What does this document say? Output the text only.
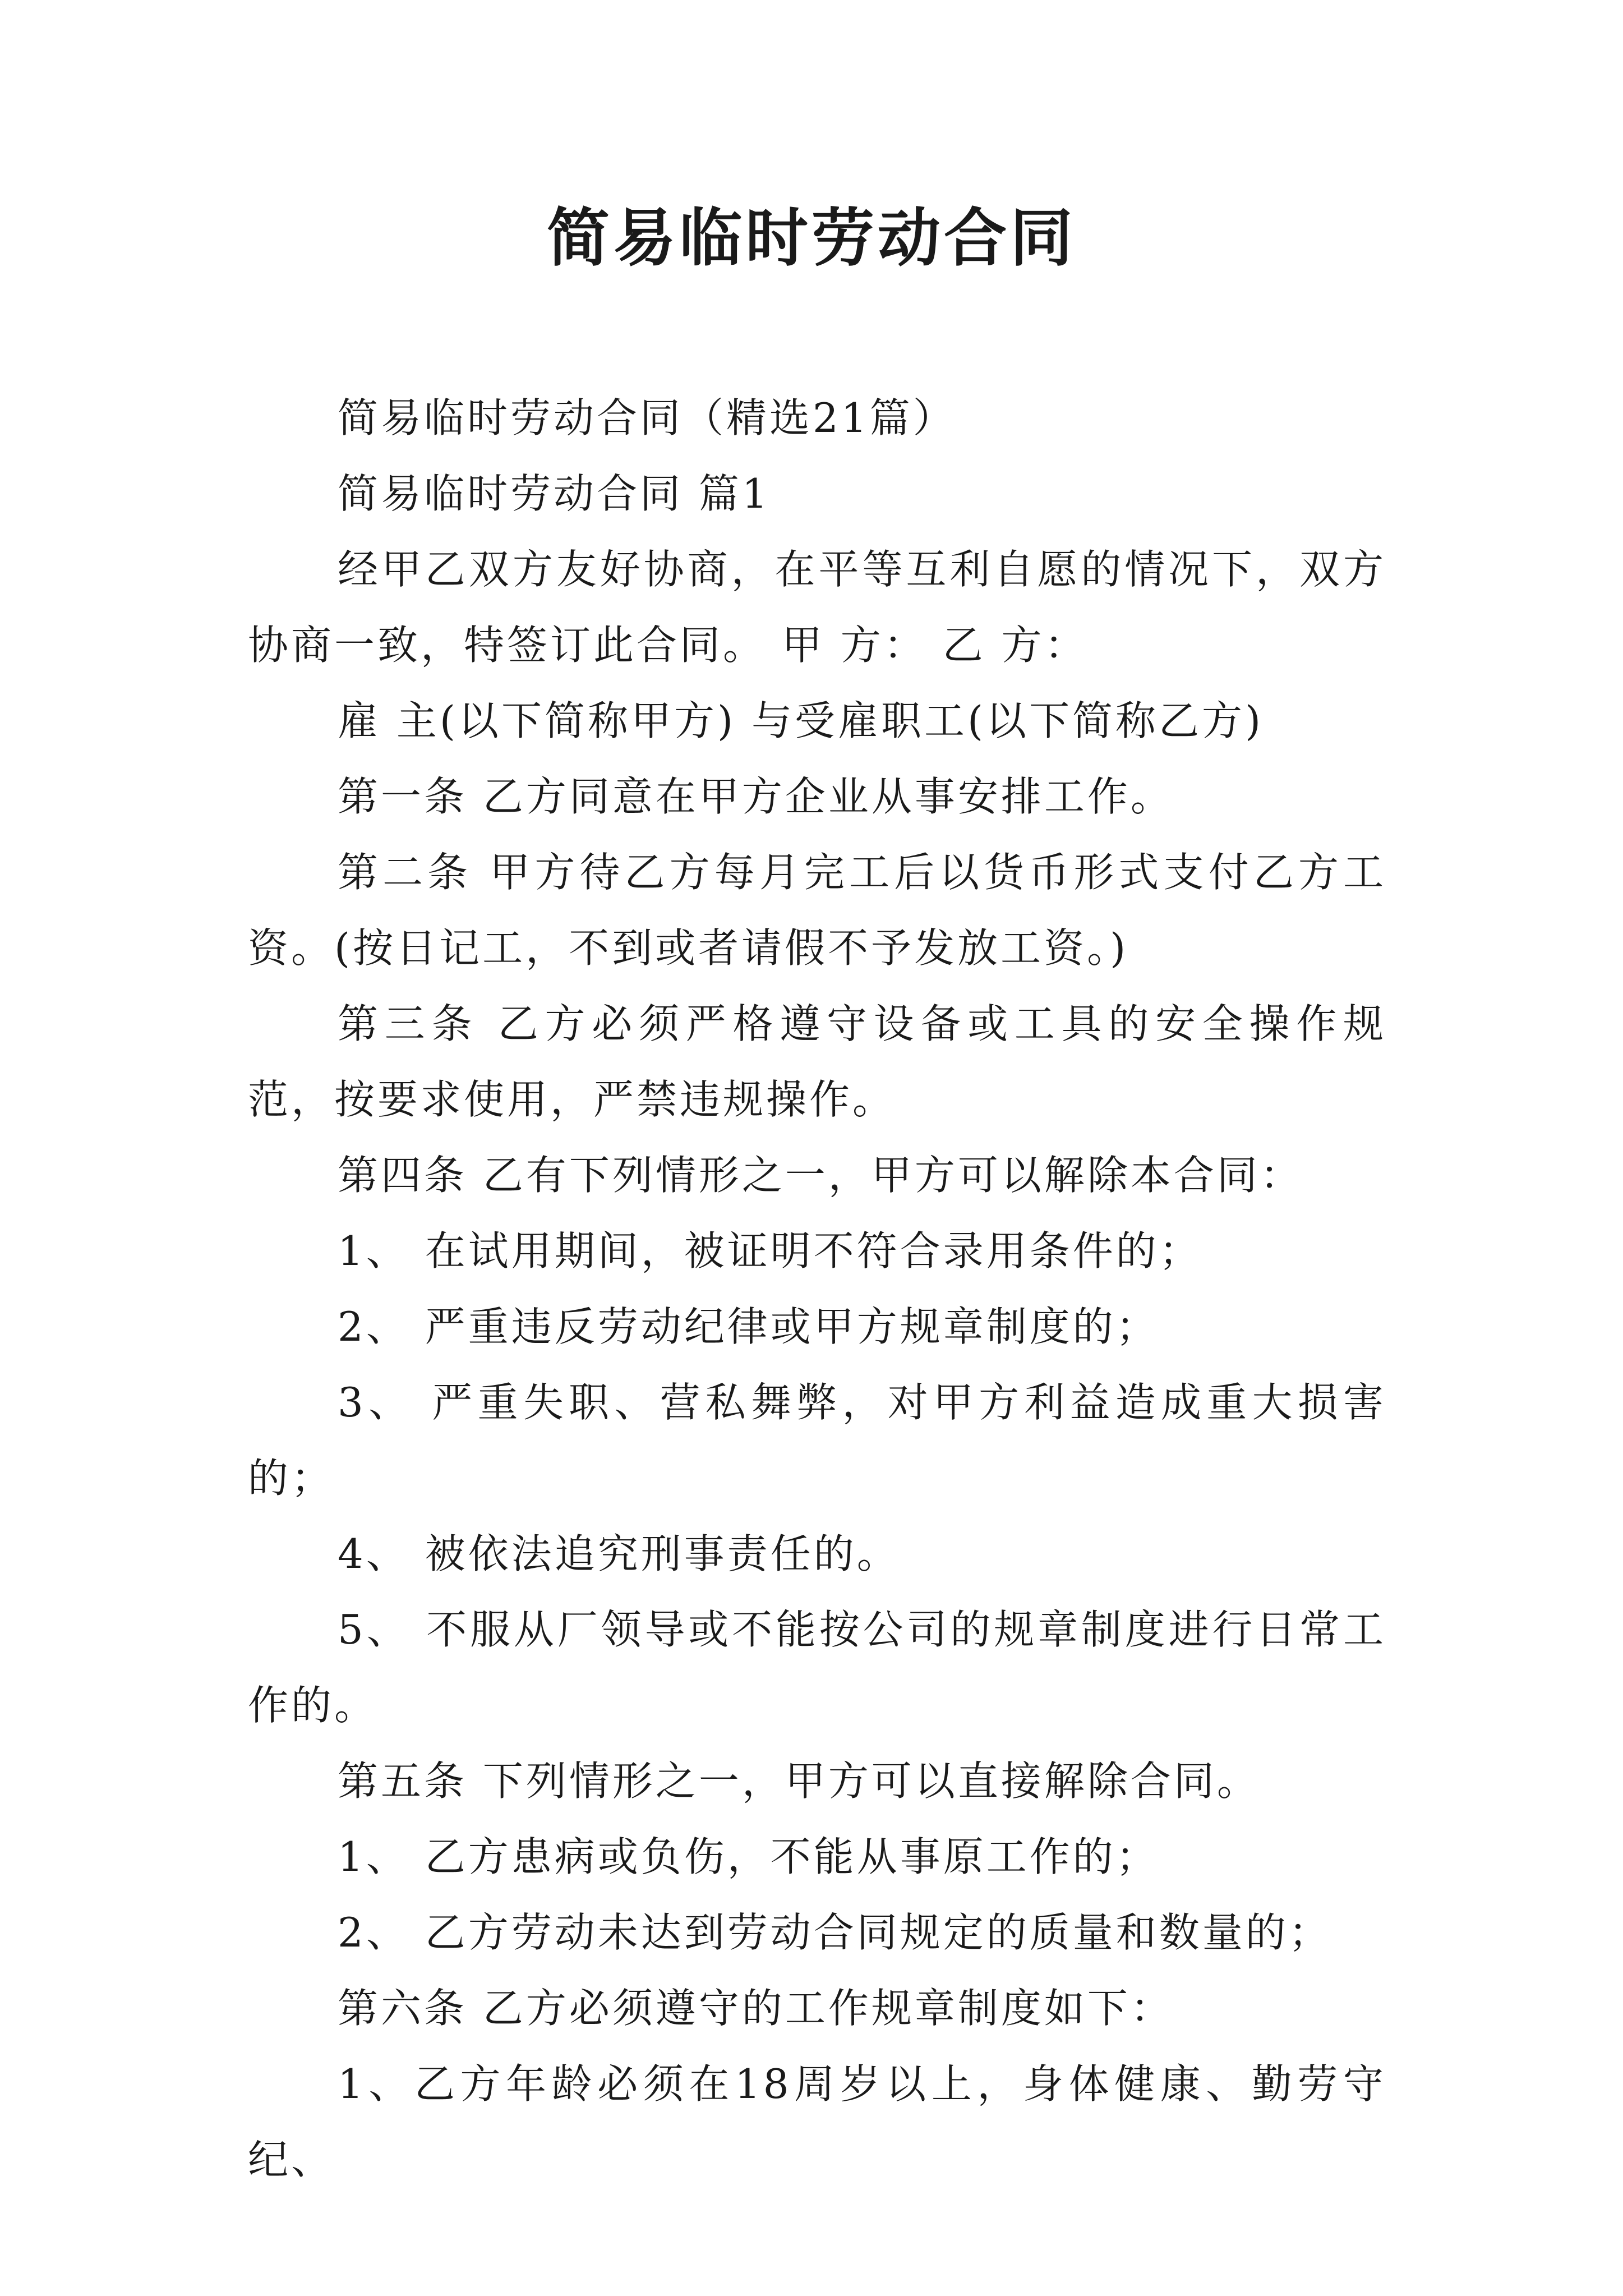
简易临时劳动合同

简易临时劳动合同（精选21篇）

简易临时劳动合同 篇1

经甲乙双方友好协商，在平等互利自愿的情况下，双方协商一致，特签订此合同。 甲 方： 乙 方：

雇 主(以下简称甲方) 与受雇职工(以下简称乙方)

第一条 乙方同意在甲方企业从事安排工作。

第二条 甲方待乙方每月完工后以货币形式支付乙方工资。(按日记工，不到或者请假不予发放工资。)

第三条 乙方必须严格遵守设备或工具的安全操作规范，按要求使用，严禁违规操作。

第四条 乙有下列情形之一，甲方可以解除本合同：

1、 在试用期间，被证明不符合录用条件的；

2、 严重违反劳动纪律或甲方规章制度的；

3、 严重失职、营私舞弊，对甲方利益造成重大损害的；

4、 被依法追究刑事责任的。

5、 不服从厂领导或不能按公司的规章制度进行日常工作的。

第五条 下列情形之一，甲方可以直接解除合同。

1、 乙方患病或负伤，不能从事原工作的；

2、 乙方劳动未达到劳动合同规定的质量和数量的；

第六条 乙方必须遵守的工作规章制度如下：

1、乙方年龄必须在18周岁以上，身体健康、勤劳守纪、
